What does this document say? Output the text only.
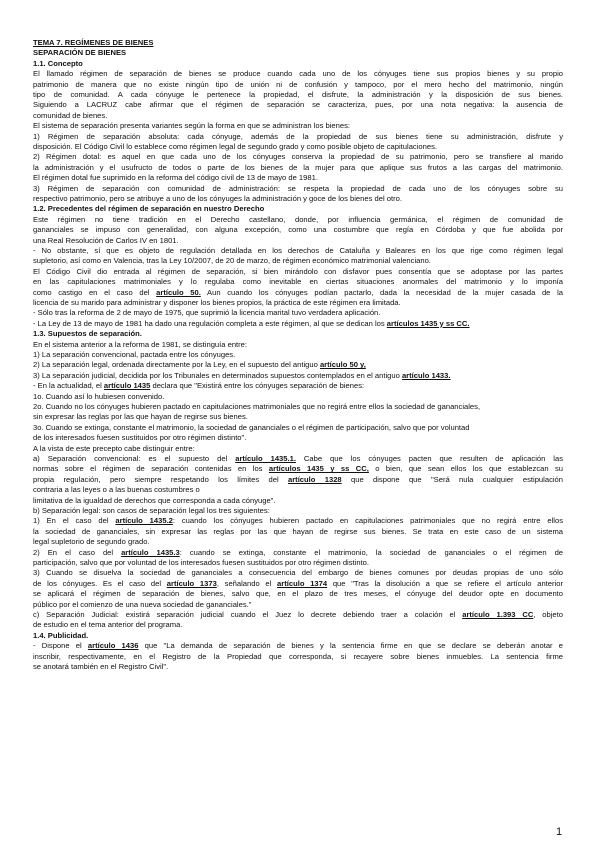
TEMA 7. REGÍMENES DE BIENES

SEPARACIÓN DE BIENES

1.1. Concepto

El llamado régimen de separación de bienes se produce cuando cada uno de los cónyuges tiene sus propios bienes y su propio

patrimonio de manera que no existe ningún tipo de unión ni de confusión y tampoco, por el mero hecho del matrimonio, ningún

tipo de comunidad. A cada cónyuge le pertenece la propiedad, el disfrute, la administración y la disposición de sus bienes.

Siguiendo a LACRUZ cabe afirmar que el régimen de separación se caracteriza, pues, por una nota negativa: la ausencia de

comunidad de bienes.

El sistema de separación presenta variantes según la forma en que se administran los bienes:

1) Régimen de separación absoluta: cada cónyuge, además de la propiedad de sus bienes tiene su administración, disfrute y

disposición. El Código Civil lo establece como régimen legal de segundo grado y como posible objeto de capitulaciones.

2) Régimen dotal: es aquel en que cada uno de los cónyuges conserva la propiedad de su patrimonio, pero se transfiere al marido

la administración y el usufructo de todos o parte de los bienes de la mujer para que aplique sus frutos a las cargas del matrimonio.

El régimen dotal fue suprimido en la reforma del código civil de 13 de mayo de 1981.

3) Régimen de separación con comunidad de administración: se respeta la propiedad de cada uno de los cónyuges sobre su

respectivo patrimonio, pero se atribuye a uno de los cónyuges la administración y goce de los bienes del otro.

1.2. Precedentes del régimen de separación en nuestro Derecho

Este régimen no tiene tradición en el Derecho castellano, donde, por influencia germánica, el régimen de comunidad de

gananciales se impuso con generalidad, con alguna excepción, como una costumbre que regía en Córdoba y que fue abolida por

una Real Resolución de Carlos IV en 1801.

- No obstante, sí que es objeto de regulación detallada en los derechos de Cataluña y Baleares en los que rige como régimen legal

supletorio, así como en Valencia, tras la Ley 10/2007, de 20 de marzo, de régimen económico matrimonial valenciano.

El Código Civil dio entrada al régimen de separación, si bien mirándolo con disfavor pues consentía que se adoptase por las partes

en las capitulaciones matrimoniales y lo regulaba como inevitable en ciertas situaciones anormales del matrimonio y lo imponía

como castigo en el caso del artículo 50. Aun cuando los cónyuges podían pactarlo, dada la necesidad de la mujer casada de la

licencia de su marido para administrar y disponer los bienes propios, la práctica de este régimen era limitada.

- Sólo tras la reforma de 2 de mayo de 1975, que suprimió la licencia marital tuvo verdadera aplicación.

- La Ley de 13 de mayo de 1981 ha dado una regulación completa a este régimen, al que se dedican los artículos 1435 y ss CC.

1.3. Supuestos de separación.

En el sistema anterior a la reforma de 1981, se distinguía entre:

1) La separación convencional, pactada entre los cónyuges.

2) La separación legal, ordenada directamente por la Ley, en el supuesto del antiguo artículo 50 y,

3) La separación judicial, decidida por los Tribunales en determinados supuestos contemplados en el antiguo artículo 1433.

- En la actualidad, el artículo 1435 declara que "Existirá entre los cónyuges separación de bienes:

1o. Cuando así lo hubiesen convenido.

2o. Cuando no los cónyuges hubieren pactado en capitulaciones matrimoniales que no regirá entre ellos la sociedad de gananciales,

sin expresar las reglas por las que hayan de regirse sus bienes.

3o. Cuando se extinga, constante el matrimonio, la sociedad de gananciales o el régimen de participación, salvo que por voluntad

de los interesados fuesen sustituidos por otro régimen distinto".

A la vista de este precepto cabe distinguir entre:

a) Separación convencional: es el supuesto del artículo 1435.1. Cabe que los cónyuges pacten que resulten de aplicación las

normas sobre el régimen de separación contenidas en los artículos 1435 y ss CC, o bien, que sean ellos los que establezcan su

propia regulación, pero siempre respetando los límites del artículo 1328 que dispone que "Será nula cualquier estipulación

contraria a las leyes o a las buenas costumbres o

limitativa de la igualdad de derechos que corresponda a cada cónyuge".

b) Separación legal: son casos de separación legal los tres siguientes:

1) En el caso del artículo 1435.2: cuando los cónyuges hubieren pactado en capitulaciones patrimoniales que no regirá entre ellos

la sociedad de gananciales, sin expresar las reglas por las que hayan de regirse sus bienes. Se trata en este caso de un sistema

legal supletorio de segundo grado.

2) En el caso del artículo 1435.3: cuando se extinga, constante el matrimonio, la sociedad de gananciales o el régimen de

participación, salvo que por voluntad de los interesados fuesen sustituidos por otro régimen distinto.

3) Cuando se disuelva la sociedad de gananciales a consecuencia del embargo de bienes comunes por deudas propias de uno sólo

de los cónyuges. Es el caso del artículo 1373, señalando el artículo 1374 que "Tras la disolución a que se refiere el artículo anterior

se aplicará el régimen de separación de bienes, salvo que, en el plazo de tres meses, el cónyuge del deudor opte en documento

público por el comienzo de una nueva sociedad de gananciales."

c) Separación Judicial: existirá separación judicial cuando el Juez lo decrete debiendo traer a colación el artículo 1.393 CC, objeto

de estudio en el tema anterior del programa.

1.4. Publicidad.

- Dispone el artículo 1436 que "La demanda de separación de bienes y la sentencia firme en que se declare se deberán anotar e

inscribir, respectivamente, en el Registro de la Propiedad que corresponda, si recayere sobre bienes inmuebles. La sentencia firme

se anotará también en el Registro Civil".

1
